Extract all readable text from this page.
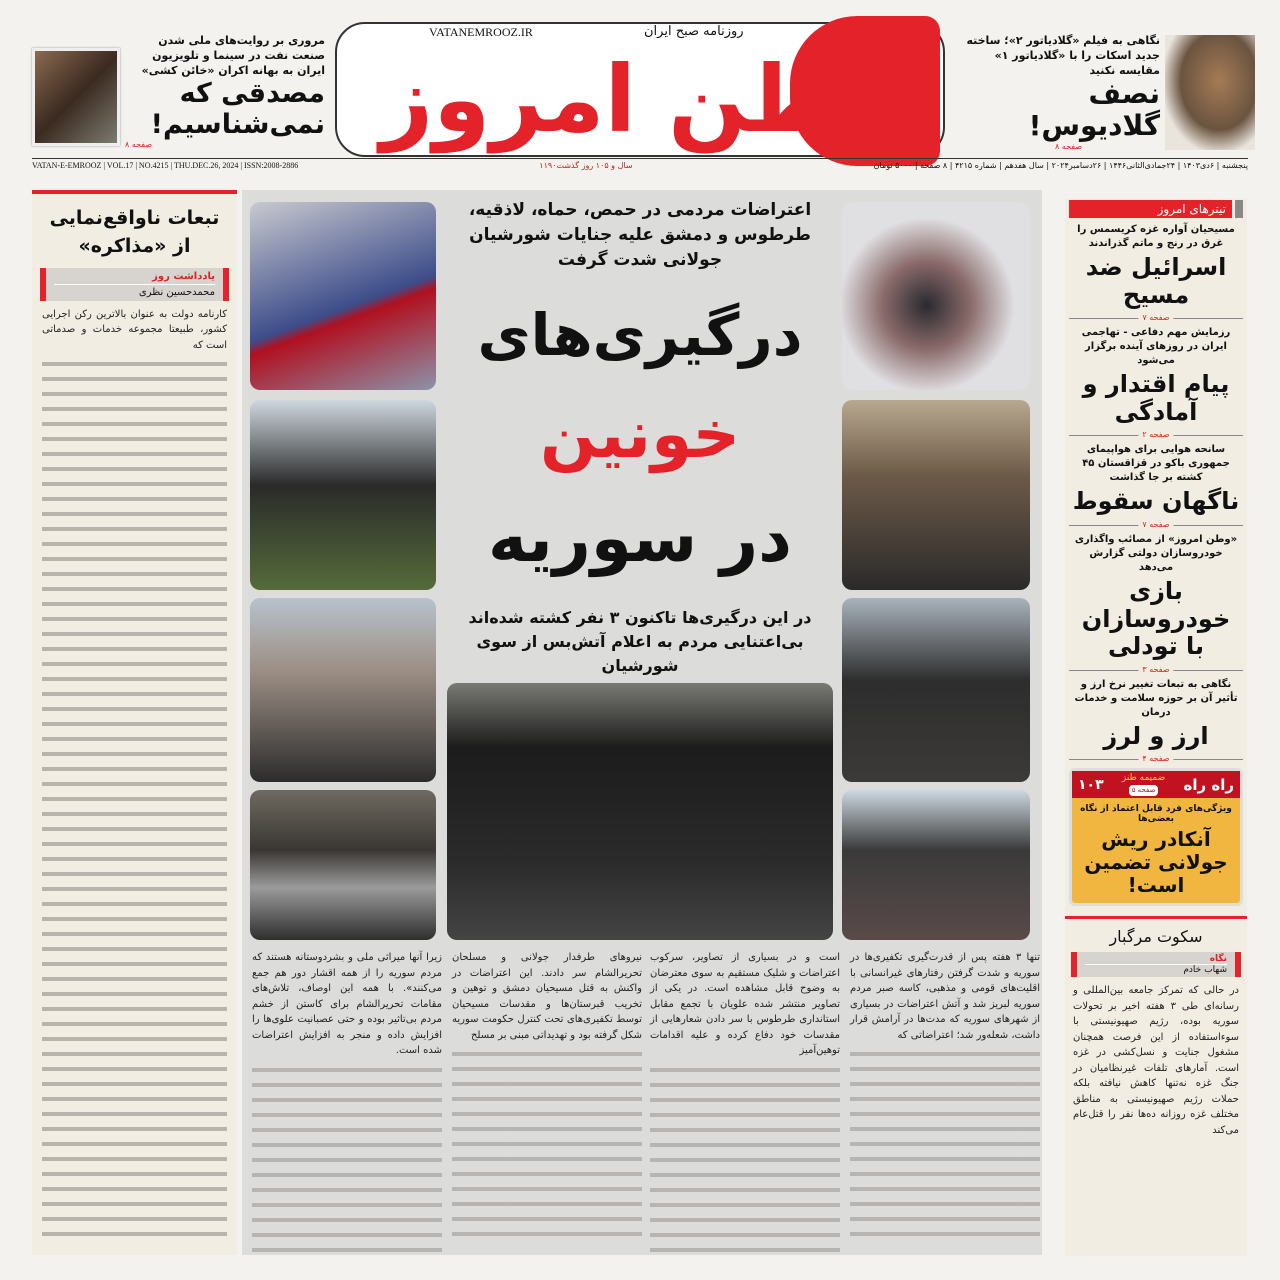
مروری بر روایت‌های ملی شدن صنعت نفت در سینما و تلویزیون ایران به بهانه اکران «خائن کشی»
مصدقی که
نمی‌شناسیم!
صفحه ۸	وطن امروز
VATANEMROOZ.IR	روزنامه صبح ایران
نگاهی به فیلم «گلادیاتور ۲»؛ ساخته جدید اسکات را با «گلادیاتور ۱» مقایسه نکنید
نصف
گلادیوس!
صفحه ۸
VATAN-E-EMROOZ | VOL.17 | NO.4215 | THU.DEC.26, 2024 | ISSN:2008-2886	۱۱۹۰سال و ۱۰۵ روز گذشت	پنجشنبه | ۶دی۱۴۰۳ | ۲۴جمادی‌الثانی۱۴۴۶ | ۲۶دسامبر۲۰۲۴ | سال هفدهم | شماره ۴۲۱۵ | ۸ صفحه | ۵۰۰۰ تومان
تبعات ناواقع‌نمایی
از «مذاکره»
یادداشت روز
محمدحسین نظری
کارنامه دولت به عنوان بالاترین رکن اجرایی کشور، طبیعتا مجموعه خدمات و صدماتی است که
اعتراضات مردمی در حمص، حماه، لاذقیه، طرطوس و دمشق علیه جنایات شورشیان جولانی شدت گرفت
درگیری‌های
خونین
در سوریه
در این درگیری‌ها تاکنون ۳ نفر کشته شده‌اند بی‌اعتنایی مردم به اعلام آتش‌بس از سوی شورشیان
تنها ۳ هفته پس از قدرت‌گیری تکفیری‌ها در سوریه و شدت گرفتن رفتارهای غیرانسانی با اقلیت‌های قومی و مذهبی، کاسه صبر مردم سوریه لبریز شد و آتش اعتراضات در بسیاری از شهرهای سوریه که مدت‌ها در آرامش قرار داشت، شعله‌ور شد؛ اعتراضاتی که
است و در بسیاری از تصاویر، سرکوب اعتراضات و شلیک مستقیم به سوی معترضان به وضوح قابل مشاهده است. در یکی از تصاویر منتشر شده علویان با تجمع مقابل استانداری طرطوس با سر دادن شعارهایی از مقدسات خود دفاع کرده و علیه اقدامات توهین‌آمیز
نیروهای طرفدار جولانی و مسلحان تحریرالشام سر دادند. این اعتراضات در واکنش به قتل مسیحیان دمشق و توهین و تخریب قبرستان‌ها و مقدسات مسیحیان توسط تکفیری‌های تحت کنترل حکومت سوریه شکل گرفته بود و تهدیداتی مبنی بر مسلح
زیرا آنها میراثی ملی و بشردوستانه هستند که مردم سوریه را از همه اقشار دور هم جمع می‌کنند». با همه این اوصاف، تلاش‌های مقامات تحریرالشام برای کاستن از خشم مردم بی‌تاثیر بوده و حتی عصبانیت علوی‌ها را افزایش داده و منجر به افزایش اعتراضات شده است.
تیترهای امروز
مسیحیان آواره غزه کریسمس را غرق در رنج و ماتم گذراندند
اسرائیل ضد مسیح
صفحه ۷
رزمایش مهم دفاعی - تهاجمی ایران در روزهای آینده برگزار می‌شود
پیام اقتدار و آمادگی
صفحه ۲
سانحه هوایی برای هواپیمای جمهوری باکو در قزاقستان ۴۵ کشته بر جا گذاشت
ناگهان سقوط
صفحه ۷
«وطن امروز» از مصائب واگذاری خودروسازان دولتی گزارش می‌دهد
بازی خودروسازان با تودلی
صفحه ۳
نگاهی به تبعات تغییر نرخ ارز و تأثیر آن بر حوزه سلامت و خدمات درمان
ارز و لرز
صفحه ۴
۱۰۳ ضمیمه طنز
صفحه ۵ راه راه
ویژگی‌های فرد قابل اعتماد از نگاه بعضی‌ها
آنکادر ریش جولانی تضمین است!
سکوت مرگبار
نگاه
شهاب خادم
در حالی که تمرکز جامعه بین‌المللی و رسانه‌ای طی ۳ هفته اخیر بر تحولات سوریه بوده، رژیم صهیونیستی با سوءاستفاده از این فرصت همچنان مشغول جنایت و نسل‌کشی در غزه است. آمارهای تلفات غیرنظامیان در جنگ غزه نه‌تنها کاهش نیافته بلکه حملات رژیم صهیونیستی به مناطق مختلف غزه روزانه ده‌ها نفر را قتل‌عام می‌کند
